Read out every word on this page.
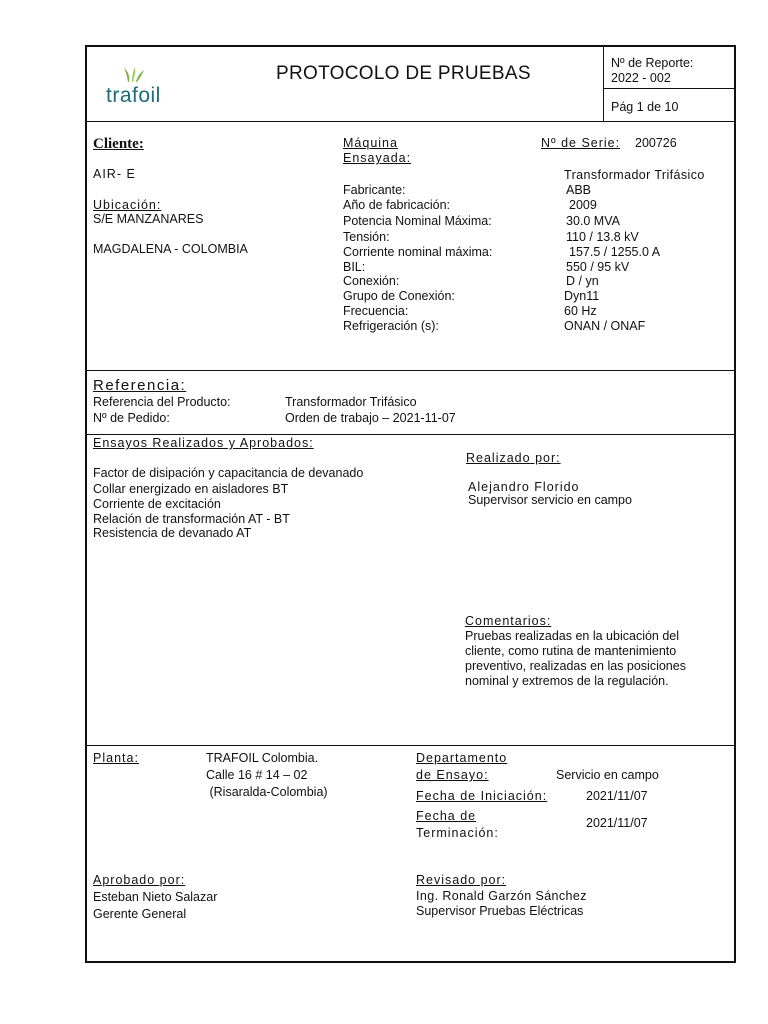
trafoil
PROTOCOLO DE PRUEBAS	Nº de Reporte:
2022 - 002
Pág 1 de 10
Cliente:
AIR- E
Ubicación:
S/E MANZANARES
MAGDALENA - COLOMBIA
Máquina
Ensayada:
Nº de Serie: 200726
Transformador Trifásico
Fabricante:	ABB
Año de fabricación:	2009
Potencia Nominal Máxima:	30.0 MVA
Tensión:	110 / 13.8 kV
Corriente nominal máxima:	157.5 / 1255.0 A
BIL:	550 / 95 kV
Conexión:	D / yn
Grupo de Conexión:	Dyn11
Frecuencia:	60 Hz
Refrigeración (s):	ONAN / ONAF
Referencia:
Referencia del Producto:	Transformador Trifásico
Nº de Pedido:	Orden de trabajo – 2021-11-07
Ensayos Realizados y Aprobados:
Factor de disipación y capacitancia de devanado
Collar energizado en aisladores BT
Corriente de excitación
Relación de transformación AT - BT
Resistencia de devanado AT
Realizado por:
Alejandro Florido
Supervisor servicio en campo
Comentarios:
Pruebas realizadas en la ubicación del
cliente, como rutina de mantenimiento
preventivo, realizadas en las posiciones
nominal y extremos de la regulación.
Planta:	TRAFOIL Colombia.
Calle 16 # 14 – 02
(Risaralda-Colombia)
Departamento
de Ensayo:	Servicio en campo
Fecha de Iniciación:	2021/11/07
Fecha de
Terminación:
2021/11/07
Aprobado por:
Esteban Nieto Salazar
Gerente General
Revisado por:
Ing. Ronald Garzón Sánchez
Supervisor Pruebas Eléctricas
